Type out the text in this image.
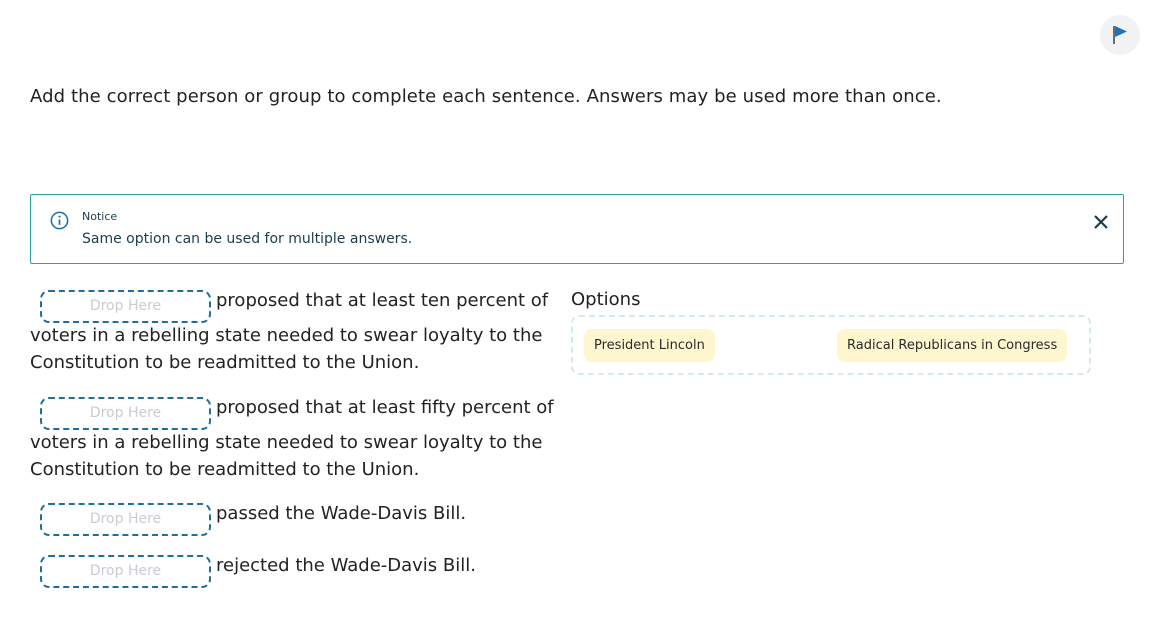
Add the correct person or group to complete each sentence. Answers may be used more than once.
Notice
Same option can be used for multiple answers.
Drop Here	proposed that at least ten percent of
voters in a rebelling state needed to swear loyalty to the
Constitution to be readmitted to the Union.
Drop Here	proposed that at least fifty percent of
voters in a rebelling state needed to swear loyalty to the
Constitution to be readmitted to the Union.
Drop Here	passed the Wade-Davis Bill.
Drop Here	rejected the Wade-Davis Bill.
Options
President Lincoln	Radical Republicans in Congress
